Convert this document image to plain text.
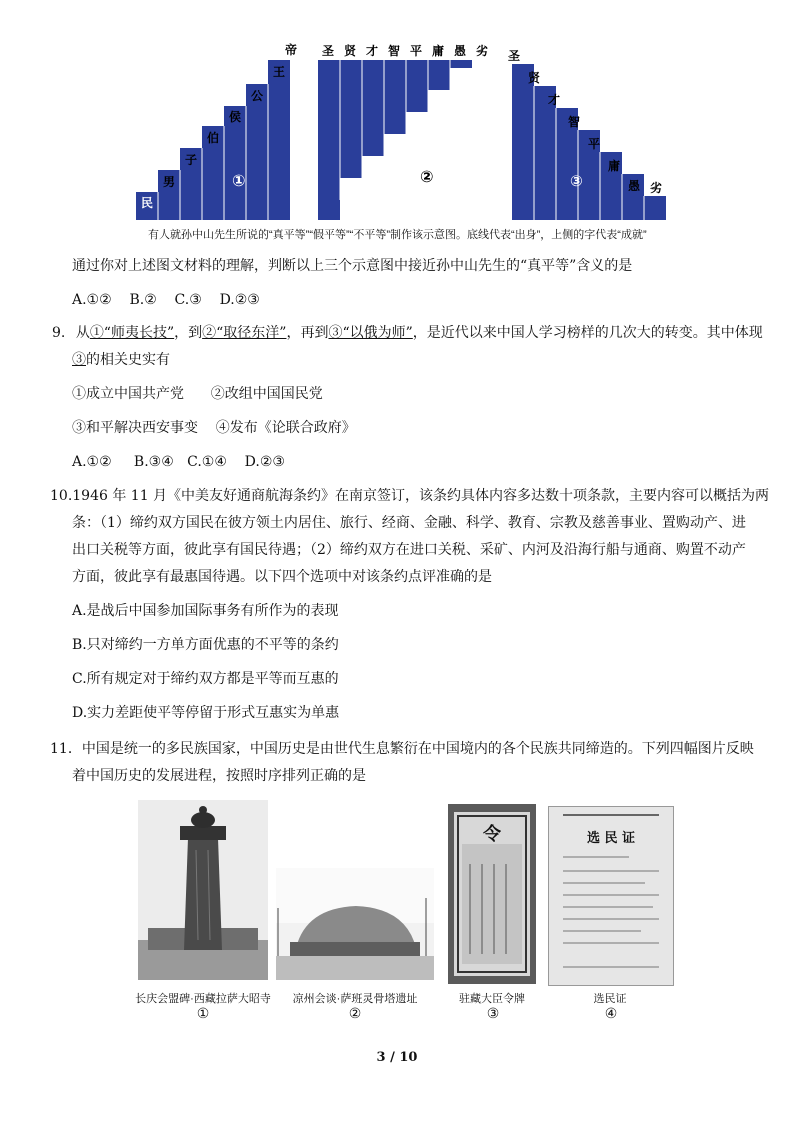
民
男
子
伯
侯
公
王
帝
①
圣 贤 才 智 平 庸 愚 劣
②
圣
贤
才
智
平
庸
愚 劣
③
有人就孙中山先生所说的“真平等”“假平等”“不平等”制作该示意图。底线代表“出身”，上侧的字代表“成就”
通过你对上述图文材料的理解，判断以上三个示意图中接近孙中山先生的“真平等”含义的是
A.①②    B.②    C.③    D.②③
9. 从①“师夷长技”，到②“取径东洋”，再到③“以俄为师”，是近代以来中国人学习榜样的几次大的转变。其中体现
③的相关史实有
①成立中国共产党      ②改组中国国民党
③和平解决西安事变    ④发布《论联合政府》
A.①②     B.③④   C.①④    D.②③
10.1946 年 11 月《中美友好通商航海条约》在南京签订，该条约具体内容多达数十项条款，主要内容可以概括为两
条：（1）缔约双方国民在彼方领土内居住、旅行、经商、金融、科学、教育、宗教及慈善事业、置购动产、进
出口关税等方面，彼此享有国民待遇；（2）缔约双方在进口关税、采矿、内河及沿海行船与通商、购置不动产
方面，彼此享有最惠国待遇。以下四个选项中对该条约点评准确的是
A.是战后中国参加国际事务有所作为的表现
B.只对缔约一方单方面优惠的不平等的条约
C.所有规定对于缔约双方都是平等而互惠的
D.实力差距使平等停留于形式互惠实为单惠
11．中国是统一的多民族国家，中国历史是由世代生息繁衍在中国境内的各个民族共同缔造的。下列四幅图片反映
着中国历史的发展进程，按照时序排列正确的是
令	选 民 证
长庆会盟碑·西藏拉萨大昭寺	凉州会谈·萨班灵骨塔遗址	驻藏大臣令牌	选民证
①	②	③	④
3 / 10
